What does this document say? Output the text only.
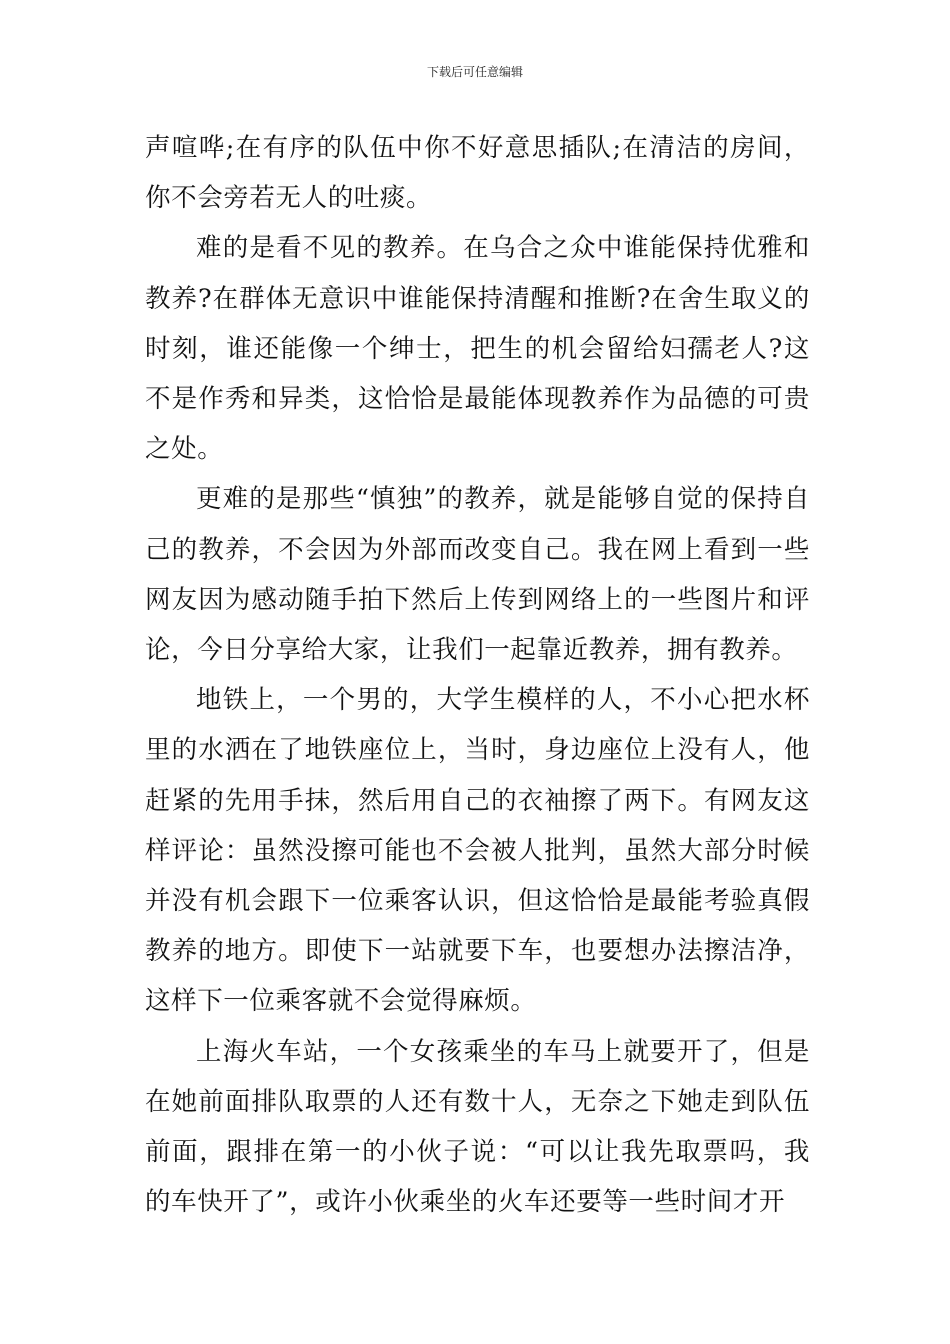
下载后可任意编辑

声喧哗;在有序的队伍中你不好意思插队;在清洁的房间，你不会旁若无人的吐痰。

难的是看不见的教养。在乌合之众中谁能保持优雅和教养?在群体无意识中谁能保持清醒和推断?在舍生取义的时刻，谁还能像一个绅士，把生的机会留给妇孺老人?这不是作秀和异类，这恰恰是最能体现教养作为品德的可贵之处。

更难的是那些“慎独”的教养，就是能够自觉的保持自己的教养，不会因为外部而改变自己。我在网上看到一些网友因为感动随手拍下然后上传到网络上的一些图片和评论，今日分享给大家，让我们一起靠近教养，拥有教养。

地铁上，一个男的，大学生模样的人，不小心把水杯里的水洒在了地铁座位上，当时，身边座位上没有人，他赶紧的先用手抹，然后用自己的衣袖擦了两下。有网友这样评论：虽然没擦可能也不会被人批判，虽然大部分时候并没有机会跟下一位乘客认识，但这恰恰是最能考验真假教养的地方。即使下一站就要下车，也要想办法擦洁净，这样下一位乘客就不会觉得麻烦。

上海火车站，一个女孩乘坐的车马上就要开了，但是在她前面排队取票的人还有数十人，无奈之下她走到队伍前面，跟排在第一的小伙子说：“可以让我先取票吗，我的车快开了”，或许小伙乘坐的火车还要等一些时间才开
